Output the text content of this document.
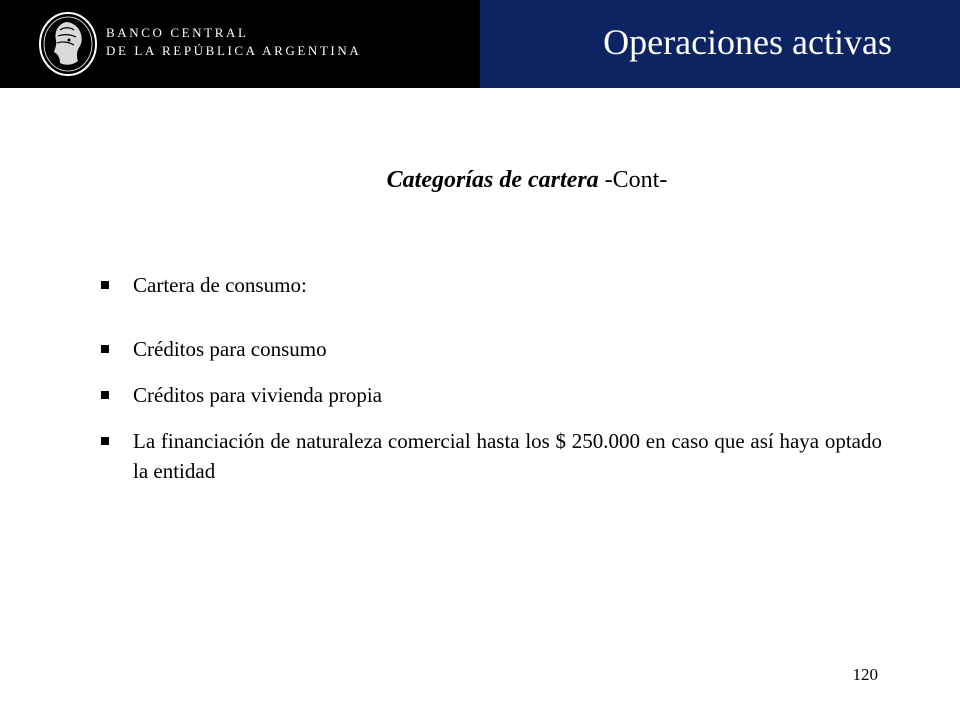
BANCO CENTRAL
DE LA REPÚBLICA ARGENTINA	Operaciones activas
Categorías de cartera -Cont-

Cartera de consumo:

Créditos para consumo

Créditos para vivienda propia

La financiación de naturaleza comercial hasta los $ 250.000 en caso que así haya optado la entidad

120
